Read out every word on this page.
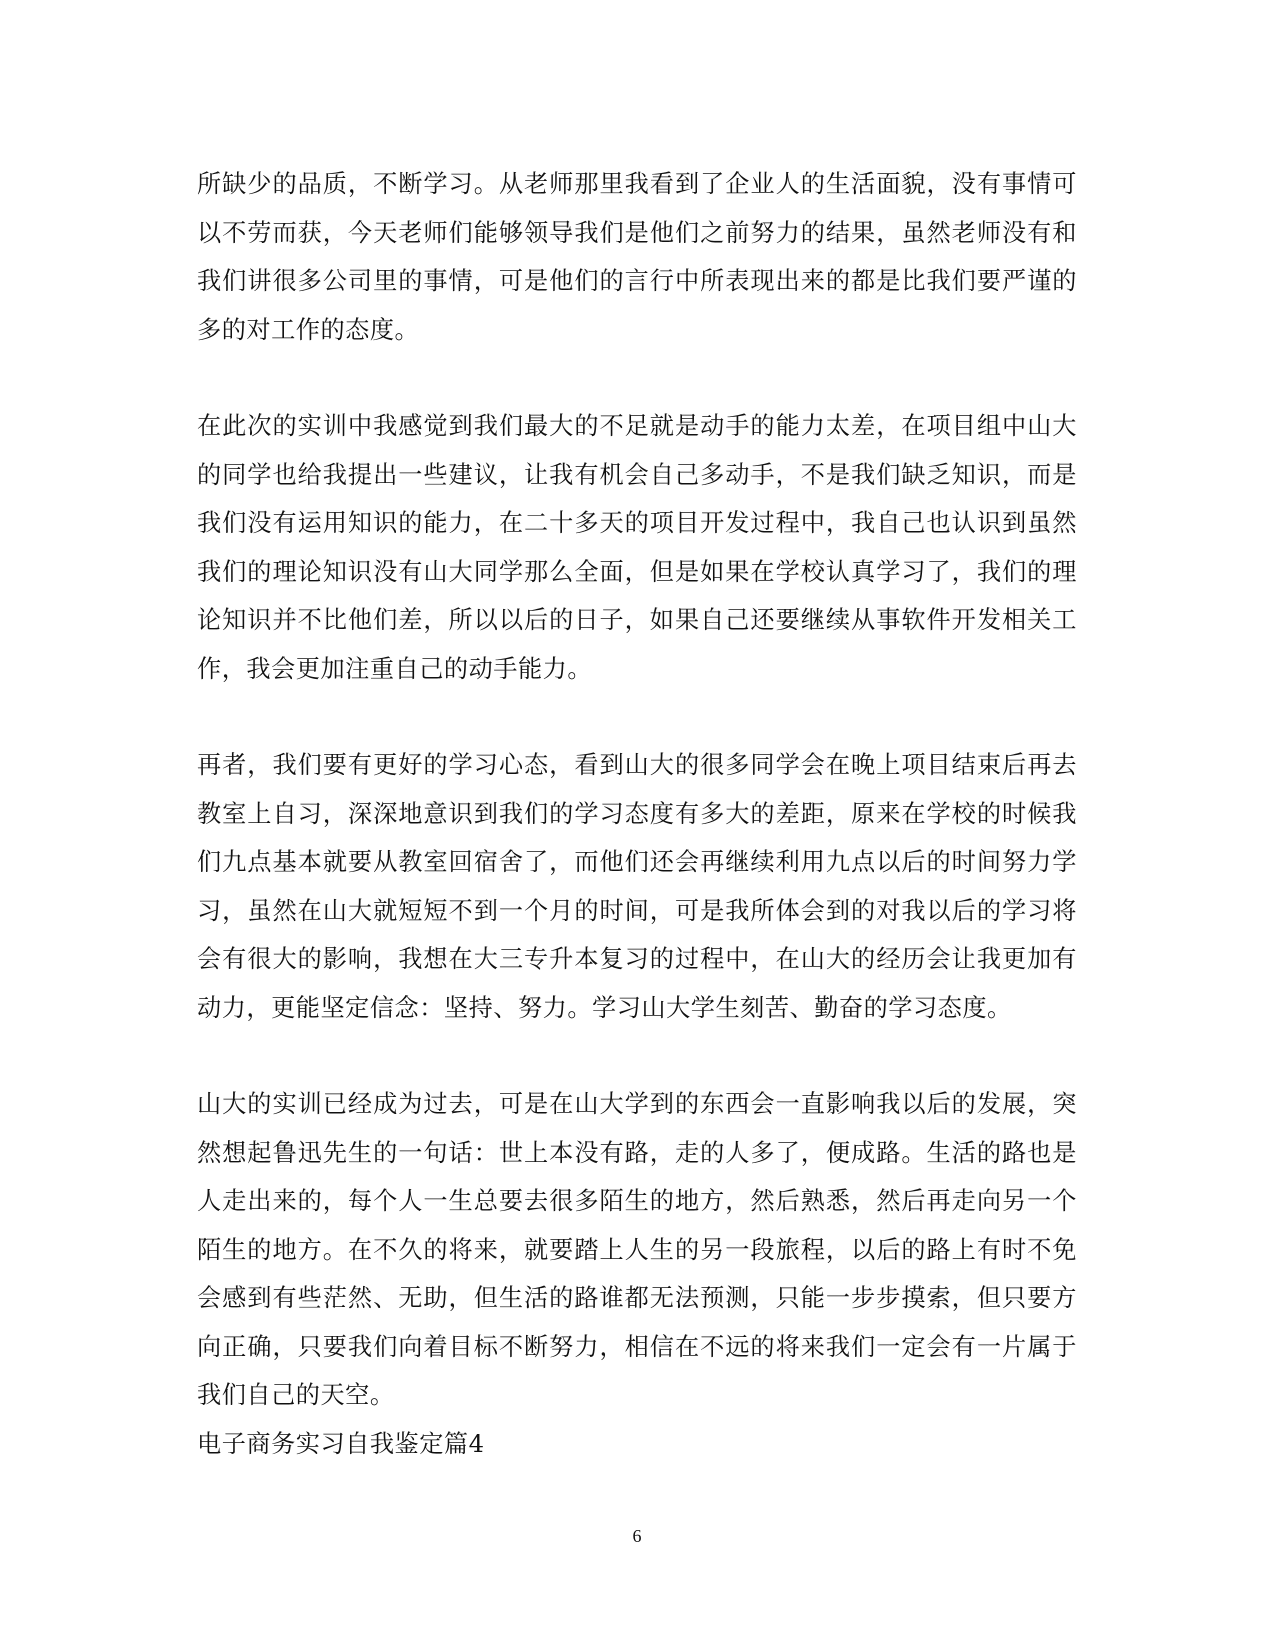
所缺少的品质，不断学习。从老师那里我看到了企业人的生活面貌，没有事情可以不劳而获，今天老师们能够领导我们是他们之前努力的结果，虽然老师没有和我们讲很多公司里的事情，可是他们的言行中所表现出来的都是比我们要严谨的多的对工作的态度。

在此次的实训中我感觉到我们最大的不足就是动手的能力太差，在项目组中山大的同学也给我提出一些建议，让我有机会自己多动手，不是我们缺乏知识，而是我们没有运用知识的能力，在二十多天的项目开发过程中，我自己也认识到虽然我们的理论知识没有山大同学那么全面，但是如果在学校认真学习了，我们的理论知识并不比他们差，所以以后的日子，如果自己还要继续从事软件开发相关工作，我会更加注重自己的动手能力。

再者，我们要有更好的学习心态，看到山大的很多同学会在晚上项目结束后再去教室上自习，深深地意识到我们的学习态度有多大的差距，原来在学校的时候我们九点基本就要从教室回宿舍了，而他们还会再继续利用九点以后的时间努力学习，虽然在山大就短短不到一个月的时间，可是我所体会到的对我以后的学习将会有很大的影响，我想在大三专升本复习的过程中，在山大的经历会让我更加有动力，更能坚定信念：坚持、努力。学习山大学生刻苦、勤奋的学习态度。

山大的实训已经成为过去，可是在山大学到的东西会一直影响我以后的发展，突然想起鲁迅先生的一句话：世上本没有路，走的人多了，便成路。生活的路也是人走出来的，每个人一生总要去很多陌生的地方，然后熟悉，然后再走向另一个陌生的地方。在不久的将来，就要踏上人生的另一段旅程，以后的路上有时不免会感到有些茫然、无助，但生活的路谁都无法预测，只能一步步摸索，但只要方向正确，只要我们向着目标不断努力，相信在不远的将来我们一定会有一片属于我们自己的天空。

电子商务实习自我鉴定篇4

6
